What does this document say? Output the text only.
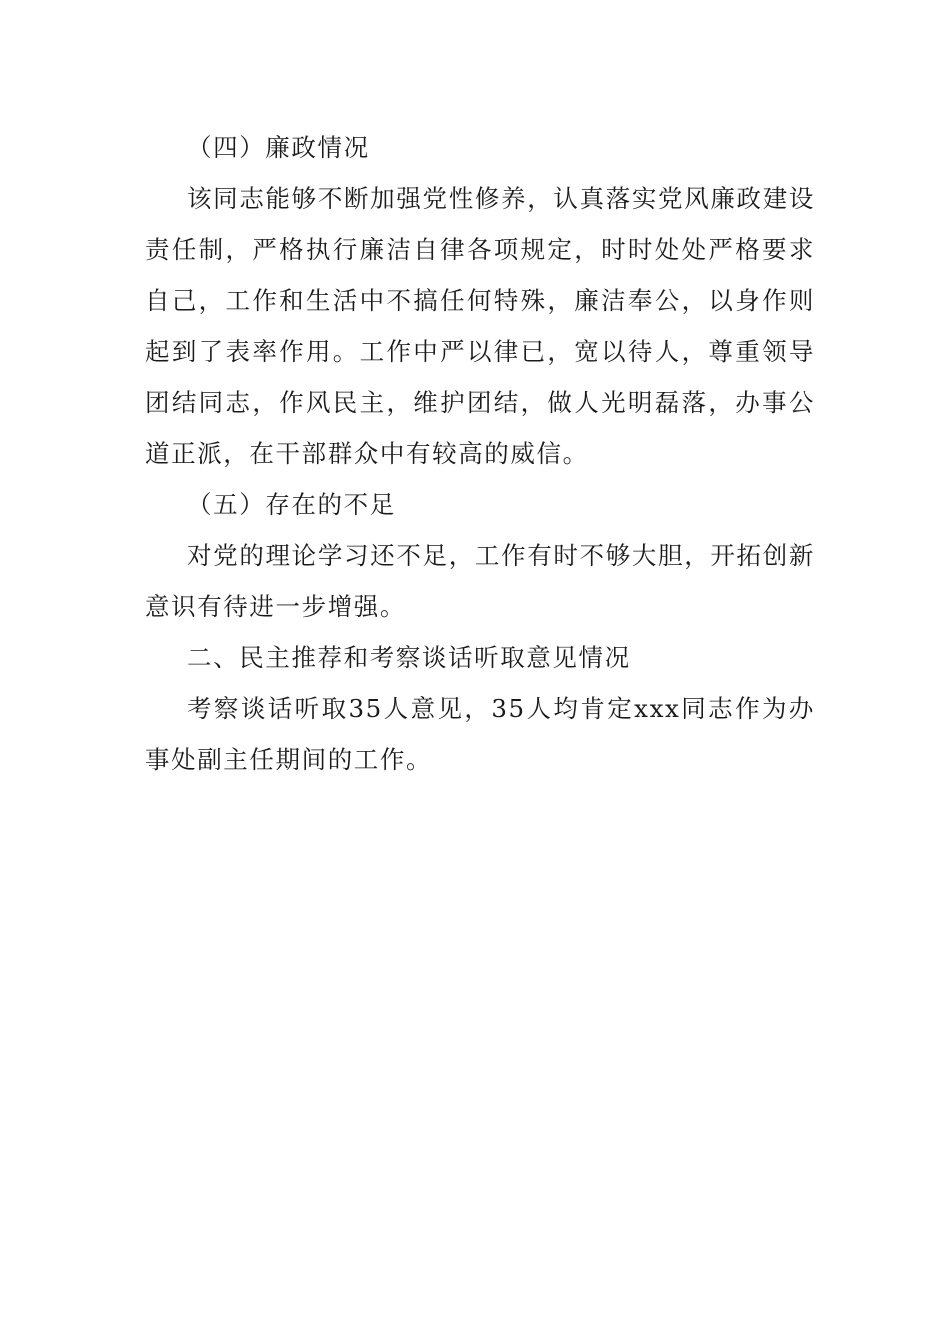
（四）廉政情况

该同志能够不断加强党性修养，认真落实党风廉政建设责任制，严格执行廉洁自律各项规定，时时处处严格要求自己，工作和生活中不搞任何特殊，廉洁奉公，以身作则起到了表率作用。工作中严以律已，宽以待人，尊重领导团结同志，作风民主，维护团结，做人光明磊落，办事公道正派，在干部群众中有较高的威信。

（五）存在的不足

对党的理论学习还不足，工作有时不够大胆，开拓创新意识有待进一步增强。

二、民主推荐和考察谈话听取意见情况

考察谈话听取35人意见，35人均肯定xxx同志作为办事处副主任期间的工作。
